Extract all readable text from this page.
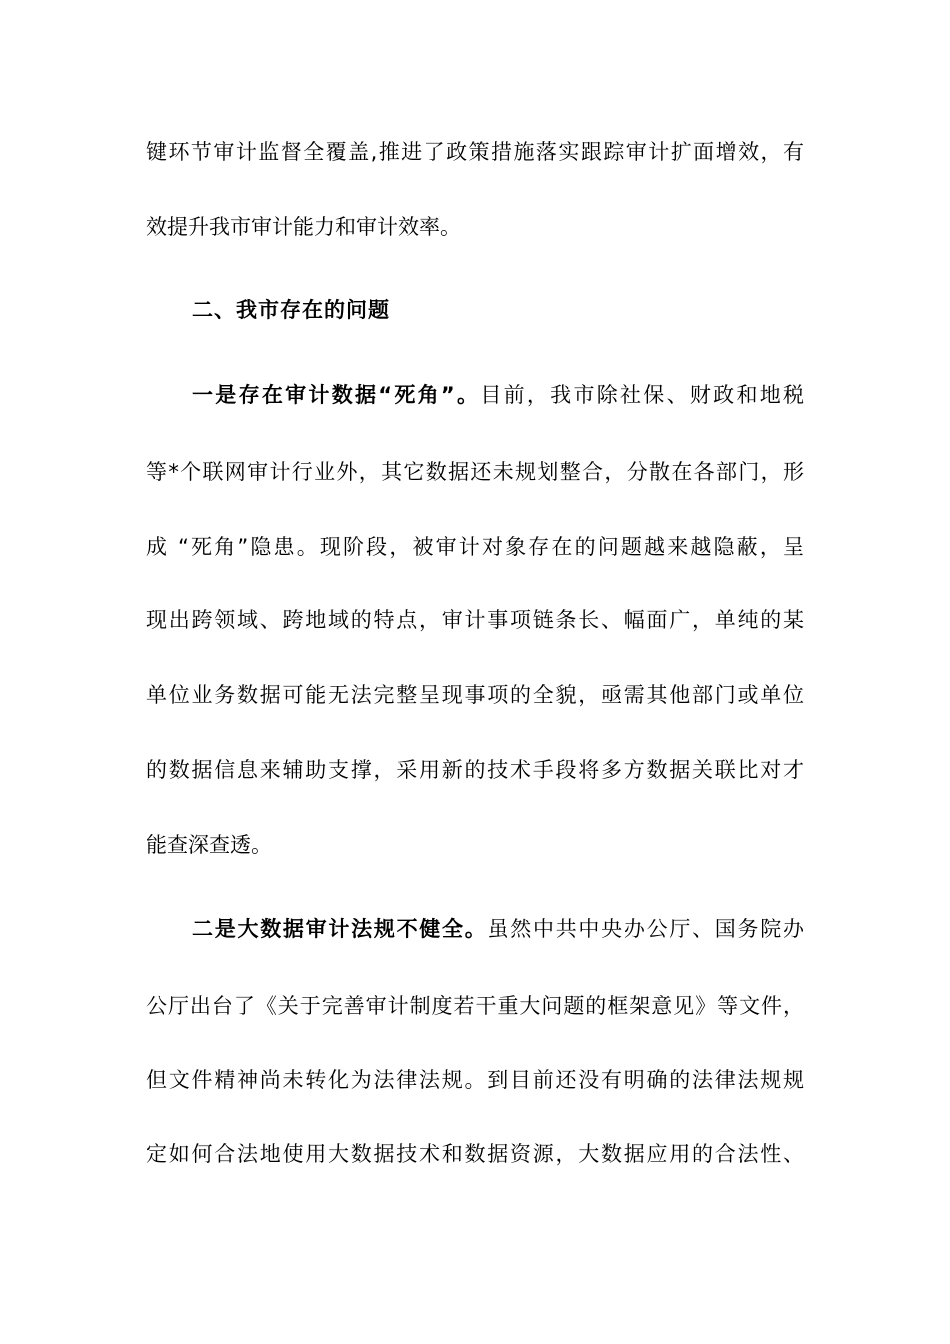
键环节审计监督全覆盖,推进了政策措施落实跟踪审计扩面增效，有
效提升我市审计能力和审计效率。
二、我市存在的问题
一是存在审计数据“死角”。目前，我市除社保、财政和地税
等*个联网审计行业外，其它数据还未规划整合，分散在各部门，形
成 “死角”隐患。现阶段，被审计对象存在的问题越来越隐蔽，呈
现出跨领域、跨地域的特点，审计事项链条长、幅面广，单纯的某
单位业务数据可能无法完整呈现事项的全貌，亟需其他部门或单位
的数据信息来辅助支撑，采用新的技术手段将多方数据关联比对才
能查深查透。
二是大数据审计法规不健全。虽然中共中央办公厅、国务院办
公厅出台了《关于完善审计制度若干重大问题的框架意见》等文件，
但文件精神尚未转化为法律法规。到目前还没有明确的法律法规规
定如何合法地使用大数据技术和数据资源，大数据应用的合法性、
